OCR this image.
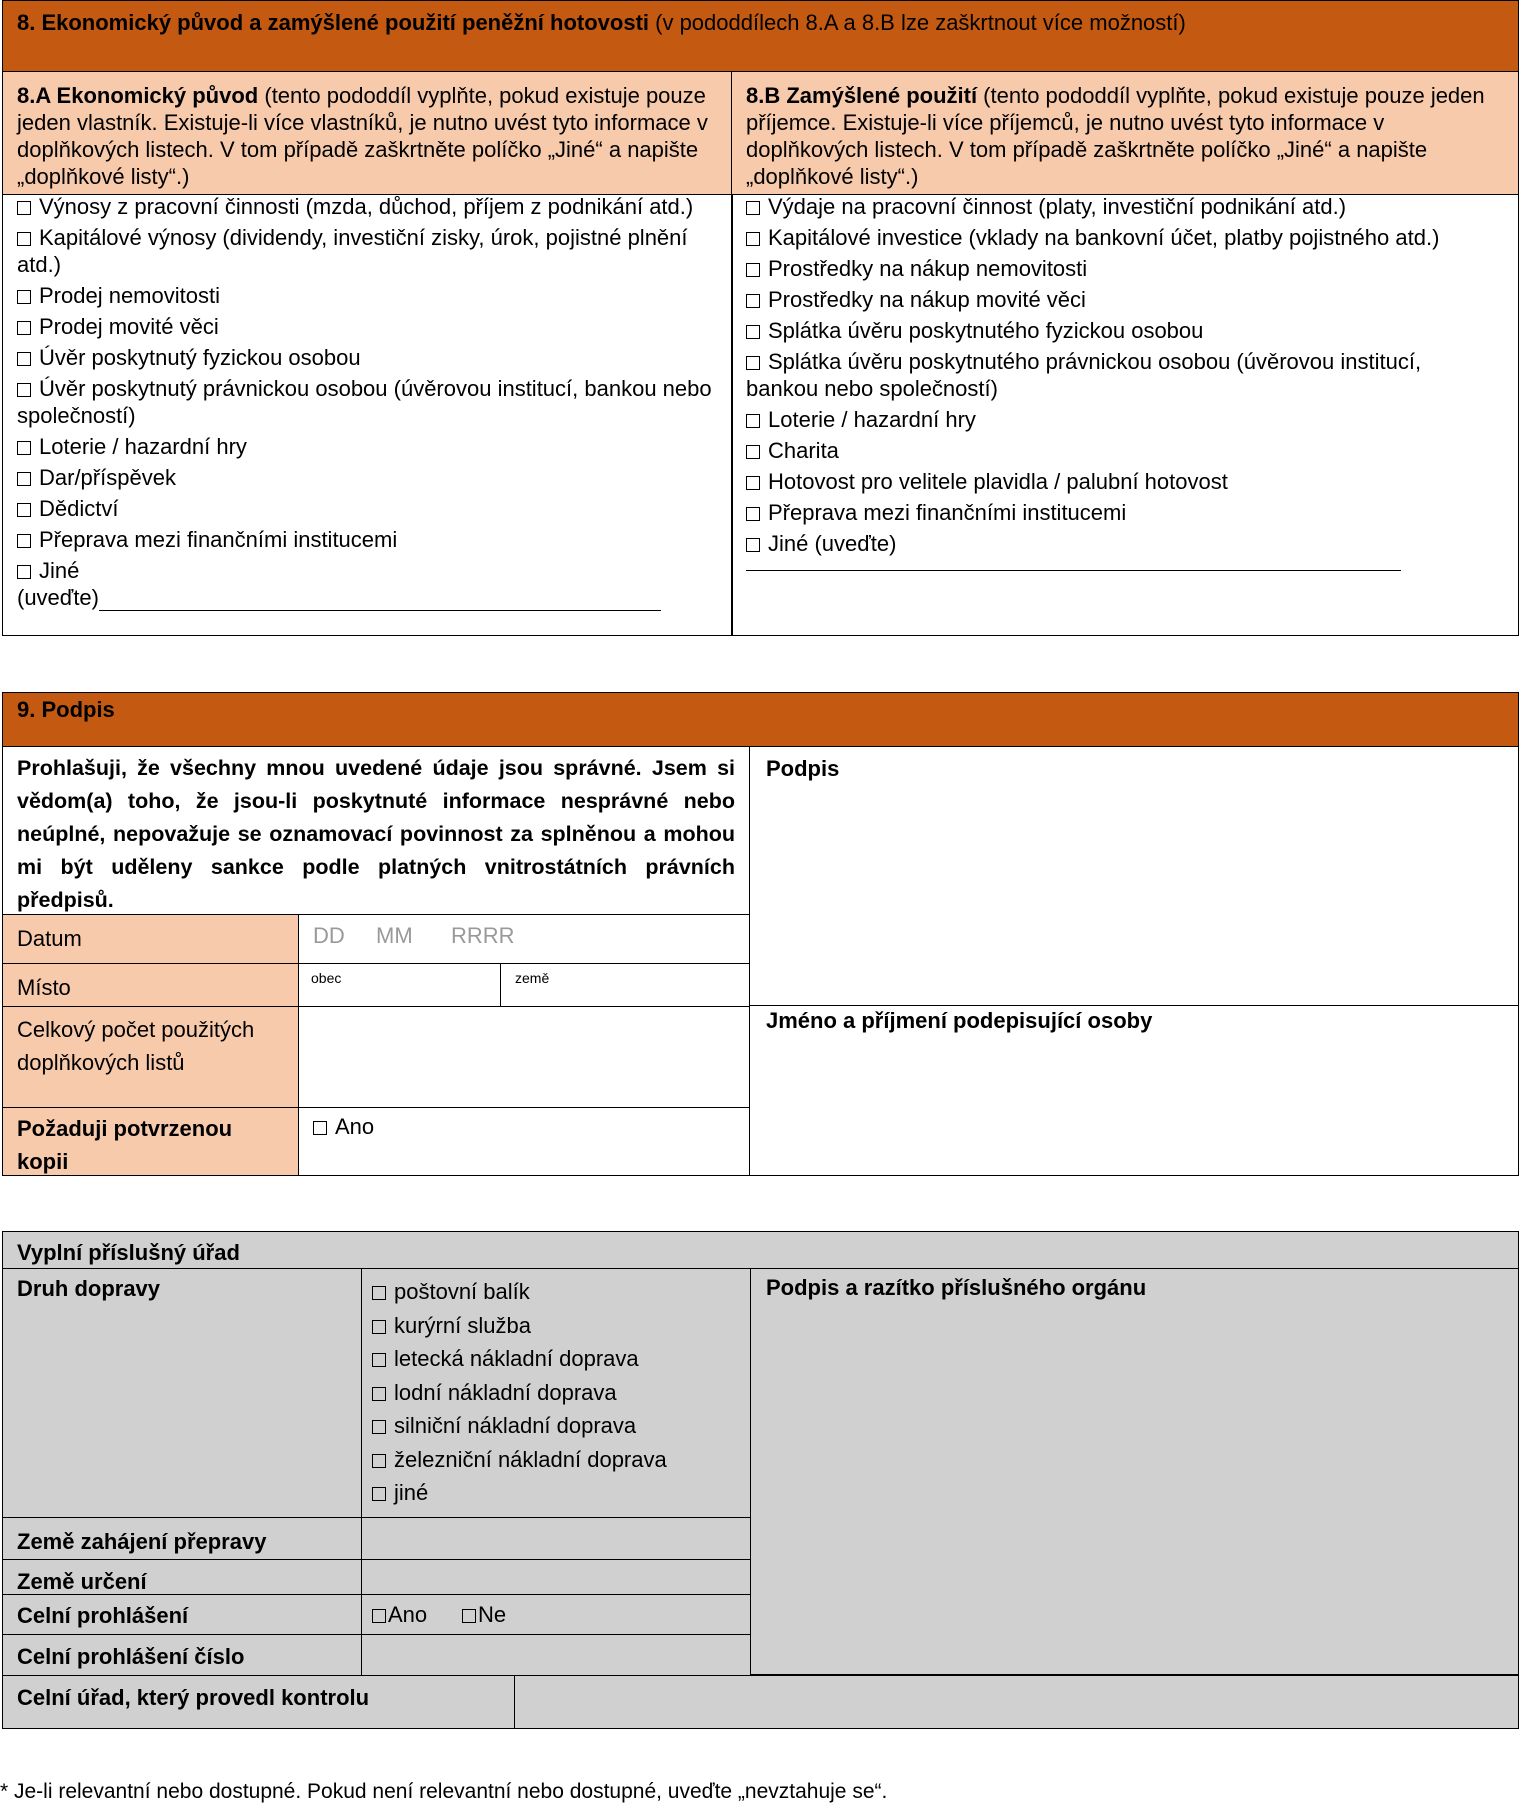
8. Ekonomický původ a zamýšlené použití peněžní hotovosti (v pododdílech 8.A a 8.B lze zaškrtnout více možností)
8.A Ekonomický původ (tento pododdíl vyplňte, pokud existuje pouze jeden vlastník. Existuje-li více vlastníků, je nutno uvést tyto informace v doplňkových listech. V tom případě zaškrtněte políčko „Jiné“ a napište „doplňkové listy“.)
Výnosy z pracovní činnosti (mzda, důchod, příjem z podnikání atd.)
Kapitálové výnosy (dividendy, investiční zisky, úrok, pojistné plnění atd.)
Prodej nemovitosti
Prodej movité věci
Úvěr poskytnutý fyzickou osobou
Úvěr poskytnutý právnickou osobou (úvěrovou institucí, bankou nebo společností)
Loterie / hazardní hry
Dar/příspěvek
Dědictví
Přeprava mezi finančními institucemi
Jiné
(uveďte)
8.B Zamýšlené použití (tento pododdíl vyplňte, pokud existuje pouze jeden příjemce. Existuje-li více příjemců, je nutno uvést tyto informace v doplňkových listech. V tom případě zaškrtněte políčko „Jiné“ a napište „doplňkové listy“.)
Výdaje na pracovní činnost (platy, investiční podnikání atd.)
Kapitálové investice (vklady na bankovní účet, platby pojistného atd.)
Prostředky na nákup nemovitosti
Prostředky na nákup movité věci
Splátka úvěru poskytnutého fyzickou osobou
Splátka úvěru poskytnutého právnickou osobou (úvěrovou institucí, bankou nebo společností)
Loterie / hazardní hry
Charita
Hotovost pro velitele plavidla / palubní hotovost
Přeprava mezi finančními institucemi
Jiné (uveďte)
9. Podpis
Prohlašuji, že všechny mnou uvedené údaje jsou správné. Jsem si vědom(a) toho, že jsou-li poskytnuté informace nesprávné nebo neúplné, nepovažuje se oznamovací povinnost za splněnou a mohou mi být uděleny sankce podle platných vnitrostátních právních předpisů.
Podpis
Datum	DD MM RRRR
Místo	obec	země
Celkový počet použitých doplňkových listů
Požaduji potvrzenou kopii
Ano
Jméno a příjmení podepisující osoby
Vyplní příslušný úřad
Druh dopravy	poštovní balík
kurýrní služba
letecká nákladní doprava
lodní nákladní doprava
silniční nákladní doprava
železniční nákladní doprava
jiné
Podpis a razítko příslušného orgánu
Země zahájení přepravy
Země určení
Celní prohlášení	Ano	Ne
Celní prohlášení číslo
Celní úřad, který provedl kontrolu
* Je-li relevantní nebo dostupné. Pokud není relevantní nebo dostupné, uveďte „nevztahuje se“.
